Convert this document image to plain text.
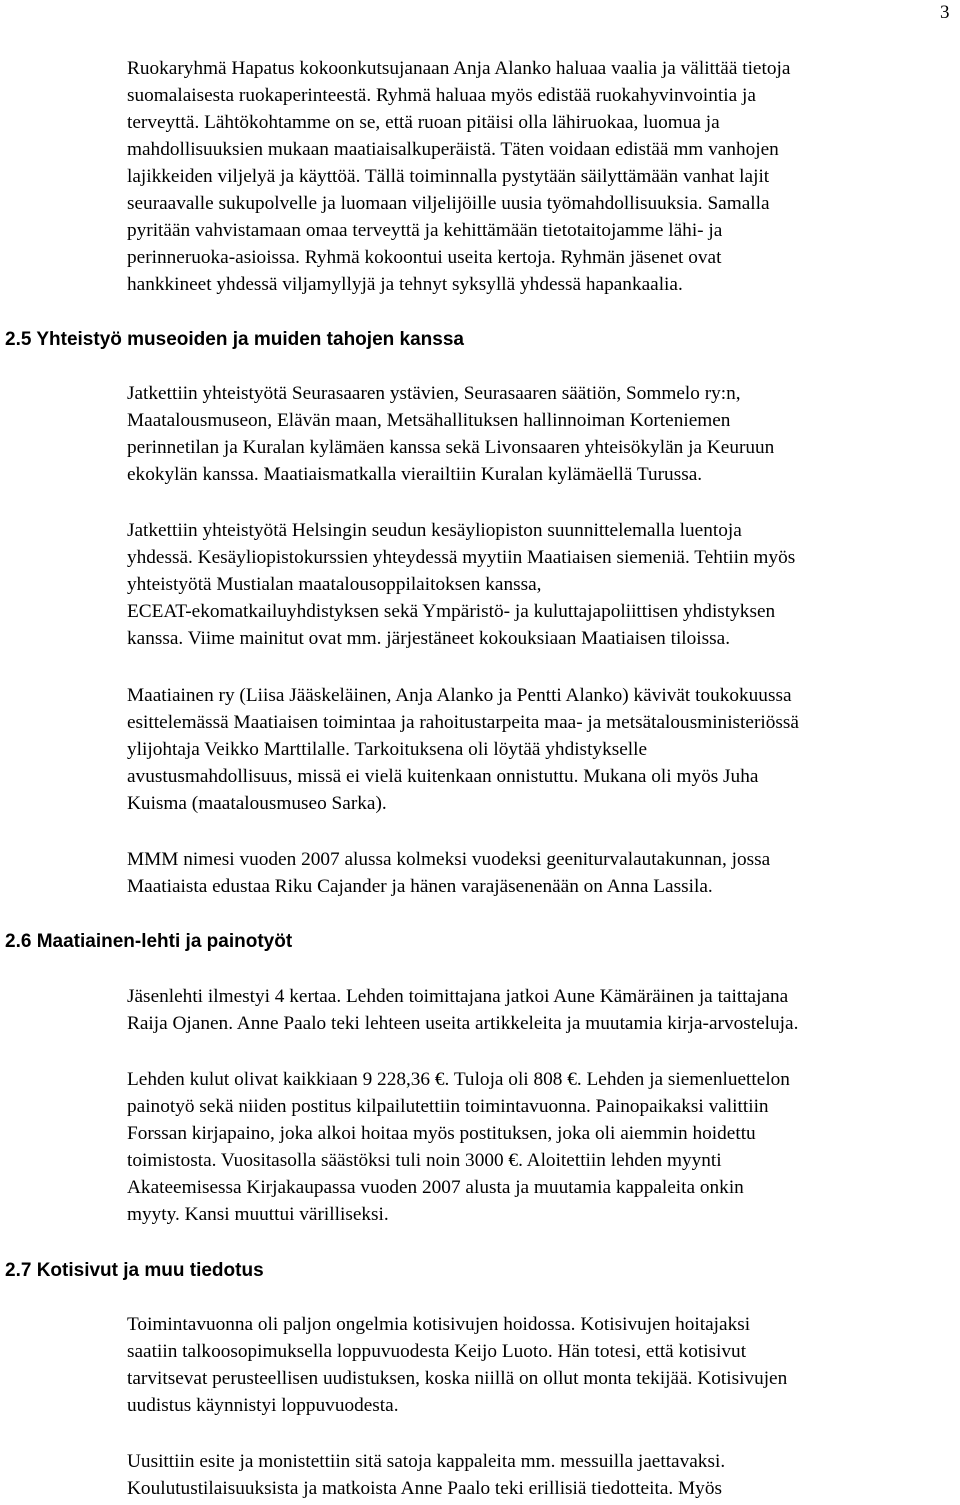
3
Ruokaryhmä Hapatus kokoonkutsujanaan Anja Alanko haluaa vaalia ja välittää tietoja
suomalaisesta ruokaperinteestä. Ryhmä haluaa myös edistää ruokahyvinvointia ja
terveyttä. Lähtökohtamme on se, että ruoan pitäisi olla lähiruokaa, luomua ja
mahdollisuuksien mukaan maatiaisalkuperäistä. Täten voidaan edistää mm vanhojen
lajikkeiden viljelyä ja käyttöä. Tällä toiminnalla pystytään säilyttämään vanhat lajit
seuraavalle sukupolvelle ja luomaan viljelijöille uusia työmahdollisuuksia. Samalla
pyritään vahvistamaan omaa terveyttä ja kehittämään tietotaitojamme lähi- ja
perinneruoka-asioissa. Ryhmä kokoontui useita kertoja. Ryhmän jäsenet ovat
hankkineet yhdessä viljamyllyjä ja tehnyt syksyllä yhdessä hapankaalia.
2.5 Yhteistyö museoiden ja muiden tahojen kanssa
Jatkettiin yhteistyötä Seurasaaren ystävien, Seurasaaren säätiön, Sommelo ry:n,
Maatalousmuseon, Elävän maan, Metsähallituksen hallinnoiman Korteniemen
perinnetilan ja Kuralan kylämäen kanssa sekä Livonsaaren yhteisökylän ja Keuruun
ekokylän kanssa. Maatiaismatkalla vierailtiin Kuralan kylämäellä Turussa.
Jatkettiin yhteistyötä Helsingin seudun kesäyliopiston suunnittelemalla luentoja
yhdessä. Kesäyliopistokurssien yhteydessä myytiin Maatiaisen siemeniä. Tehtiin myös
yhteistyötä Mustialan maatalousoppilaitoksen kanssa,
ECEAT-ekomatkailuyhdistyksen sekä Ympäristö- ja kuluttajapoliittisen yhdistyksen
kanssa. Viime mainitut ovat mm. järjestäneet kokouksiaan Maatiaisen tiloissa.
Maatiainen ry (Liisa Jääskeläinen, Anja Alanko ja Pentti Alanko) kävivät toukokuussa
esittelemässä Maatiaisen toimintaa ja rahoitustarpeita maa- ja metsätalousministeriössä
ylijohtaja Veikko Marttilalle. Tarkoituksena oli löytää yhdistykselle
avustusmahdollisuus, missä ei vielä kuitenkaan onnistuttu. Mukana oli myös Juha
Kuisma (maatalousmuseo Sarka).
MMM nimesi vuoden 2007 alussa kolmeksi vuodeksi geeniturvalautakunnan, jossa
Maatiaista edustaa Riku Cajander ja hänen varajäsenenään on Anna Lassila.
2.6 Maatiainen-lehti ja painotyöt
Jäsenlehti ilmestyi 4 kertaa. Lehden toimittajana jatkoi Aune Kämäräinen ja taittajana
Raija Ojanen. Anne Paalo teki lehteen useita artikkeleita ja muutamia kirja-arvosteluja.
Lehden kulut olivat kaikkiaan 9 228,36 €. Tuloja oli 808 €. Lehden ja siemenluettelon
painotyö sekä niiden postitus kilpailutettiin toimintavuonna. Painopaikaksi valittiin
Forssan kirjapaino, joka alkoi hoitaa myös postituksen, joka oli aiemmin hoidettu
toimistosta. Vuositasolla säästöksi tuli noin 3000 €. Aloitettiin lehden myynti
Akateemisessa Kirjakaupassa vuoden 2007 alusta ja muutamia kappaleita onkin
myyty. Kansi muuttui värilliseksi.
2.7 Kotisivut ja muu tiedotus
Toimintavuonna oli paljon ongelmia kotisivujen hoidossa. Kotisivujen hoitajaksi
saatiin talkoosopimuksella loppuvuodesta Keijo Luoto. Hän totesi, että kotisivut
tarvitsevat perusteellisen uudistuksen, koska niillä on ollut monta tekijää. Kotisivujen
uudistus käynnistyi loppuvuodesta.
Uusittiin esite ja monistettiin sitä satoja kappaleita mm. messuilla jaettavaksi.
Koulutustilaisuuksista ja matkoista Anne Paalo teki erillisiä tiedotteita. Myös
